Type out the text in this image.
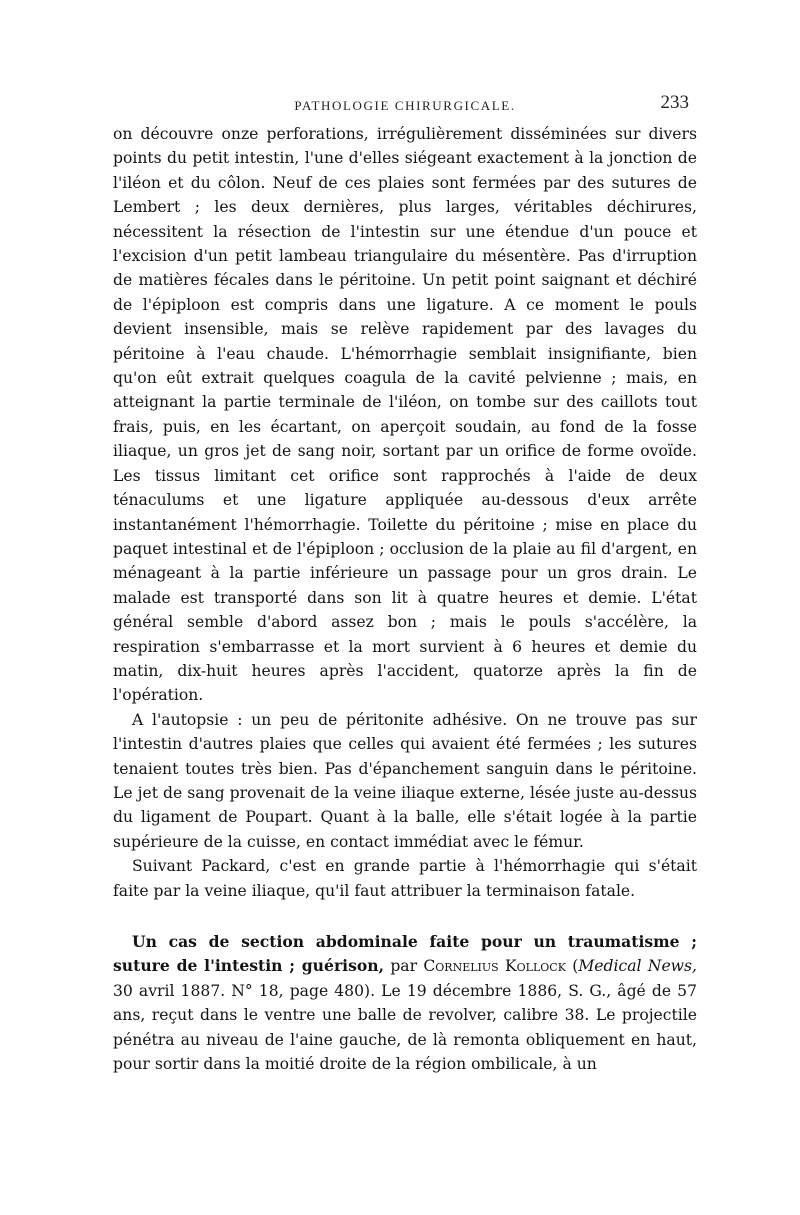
PATHOLOGIE CHIRURGICALE.	233

on découvre onze perforations, irrégulièrement disséminées sur divers points du petit intestin, l'une d'elles siégeant exactement à la jonction de l'iléon et du côlon. Neuf de ces plaies sont fermées par des sutures de Lembert ; les deux dernières, plus larges, véritables déchirures, nécessitent la résection de l'intestin sur une étendue d'un pouce et l'excision d'un petit lambeau triangulaire du mésentère. Pas d'irruption de matières fécales dans le péritoine. Un petit point saignant et déchiré de l'épiploon est compris dans une ligature. A ce moment le pouls devient insensible, mais se relève rapidement par des lavages du péritoine à l'eau chaude. L'hémorrhagie semblait insignifiante, bien qu'on eût extrait quelques coagula de la cavité pelvienne ; mais, en atteignant la partie terminale de l'iléon, on tombe sur des caillots tout frais, puis, en les écartant, on aperçoit soudain, au fond de la fosse iliaque, un gros jet de sang noir, sortant par un orifice de forme ovoïde. Les tissus limitant cet orifice sont rapprochés à l'aide de deux ténaculums et une ligature appliquée au-dessous d'eux arrête instantanément l'hémorrhagie. Toilette du péritoine ; mise en place du paquet intestinal et de l'épiploon ; occlusion de la plaie au fil d'argent, en ménageant à la partie inférieure un passage pour un gros drain. Le malade est transporté dans son lit à quatre heures et demie. L'état général semble d'abord assez bon ; mais le pouls s'accélère, la respiration s'embarrasse et la mort survient à 6 heures et demie du matin, dix-huit heures après l'accident, quatorze après la fin de l'opération.

A l'autopsie : un peu de péritonite adhésive. On ne trouve pas sur l'intestin d'autres plaies que celles qui avaient été fermées ; les sutures tenaient toutes très bien. Pas d'épanchement sanguin dans le péritoine. Le jet de sang provenait de la veine iliaque externe, lésée juste au-dessus du ligament de Poupart. Quant à la balle, elle s'était logée à la partie supérieure de la cuisse, en contact immédiat avec le fémur.

Suivant Packard, c'est en grande partie à l'hémorrhagie qui s'était faite par la veine iliaque, qu'il faut attribuer la terminaison fatale.

Un cas de section abdominale faite pour un traumatisme ; suture de l'intestin ; guérison, par Cornelius Kollock (Medical News, 30 avril 1887. N° 18, page 480). Le 19 décembre 1886, S. G., âgé de 57 ans, reçut dans le ventre une balle de revolver, calibre 38. Le projectile pénétra au niveau de l'aine gauche, de là remonta obliquement en haut, pour sortir dans la moitié droite de la région ombilicale, à un
